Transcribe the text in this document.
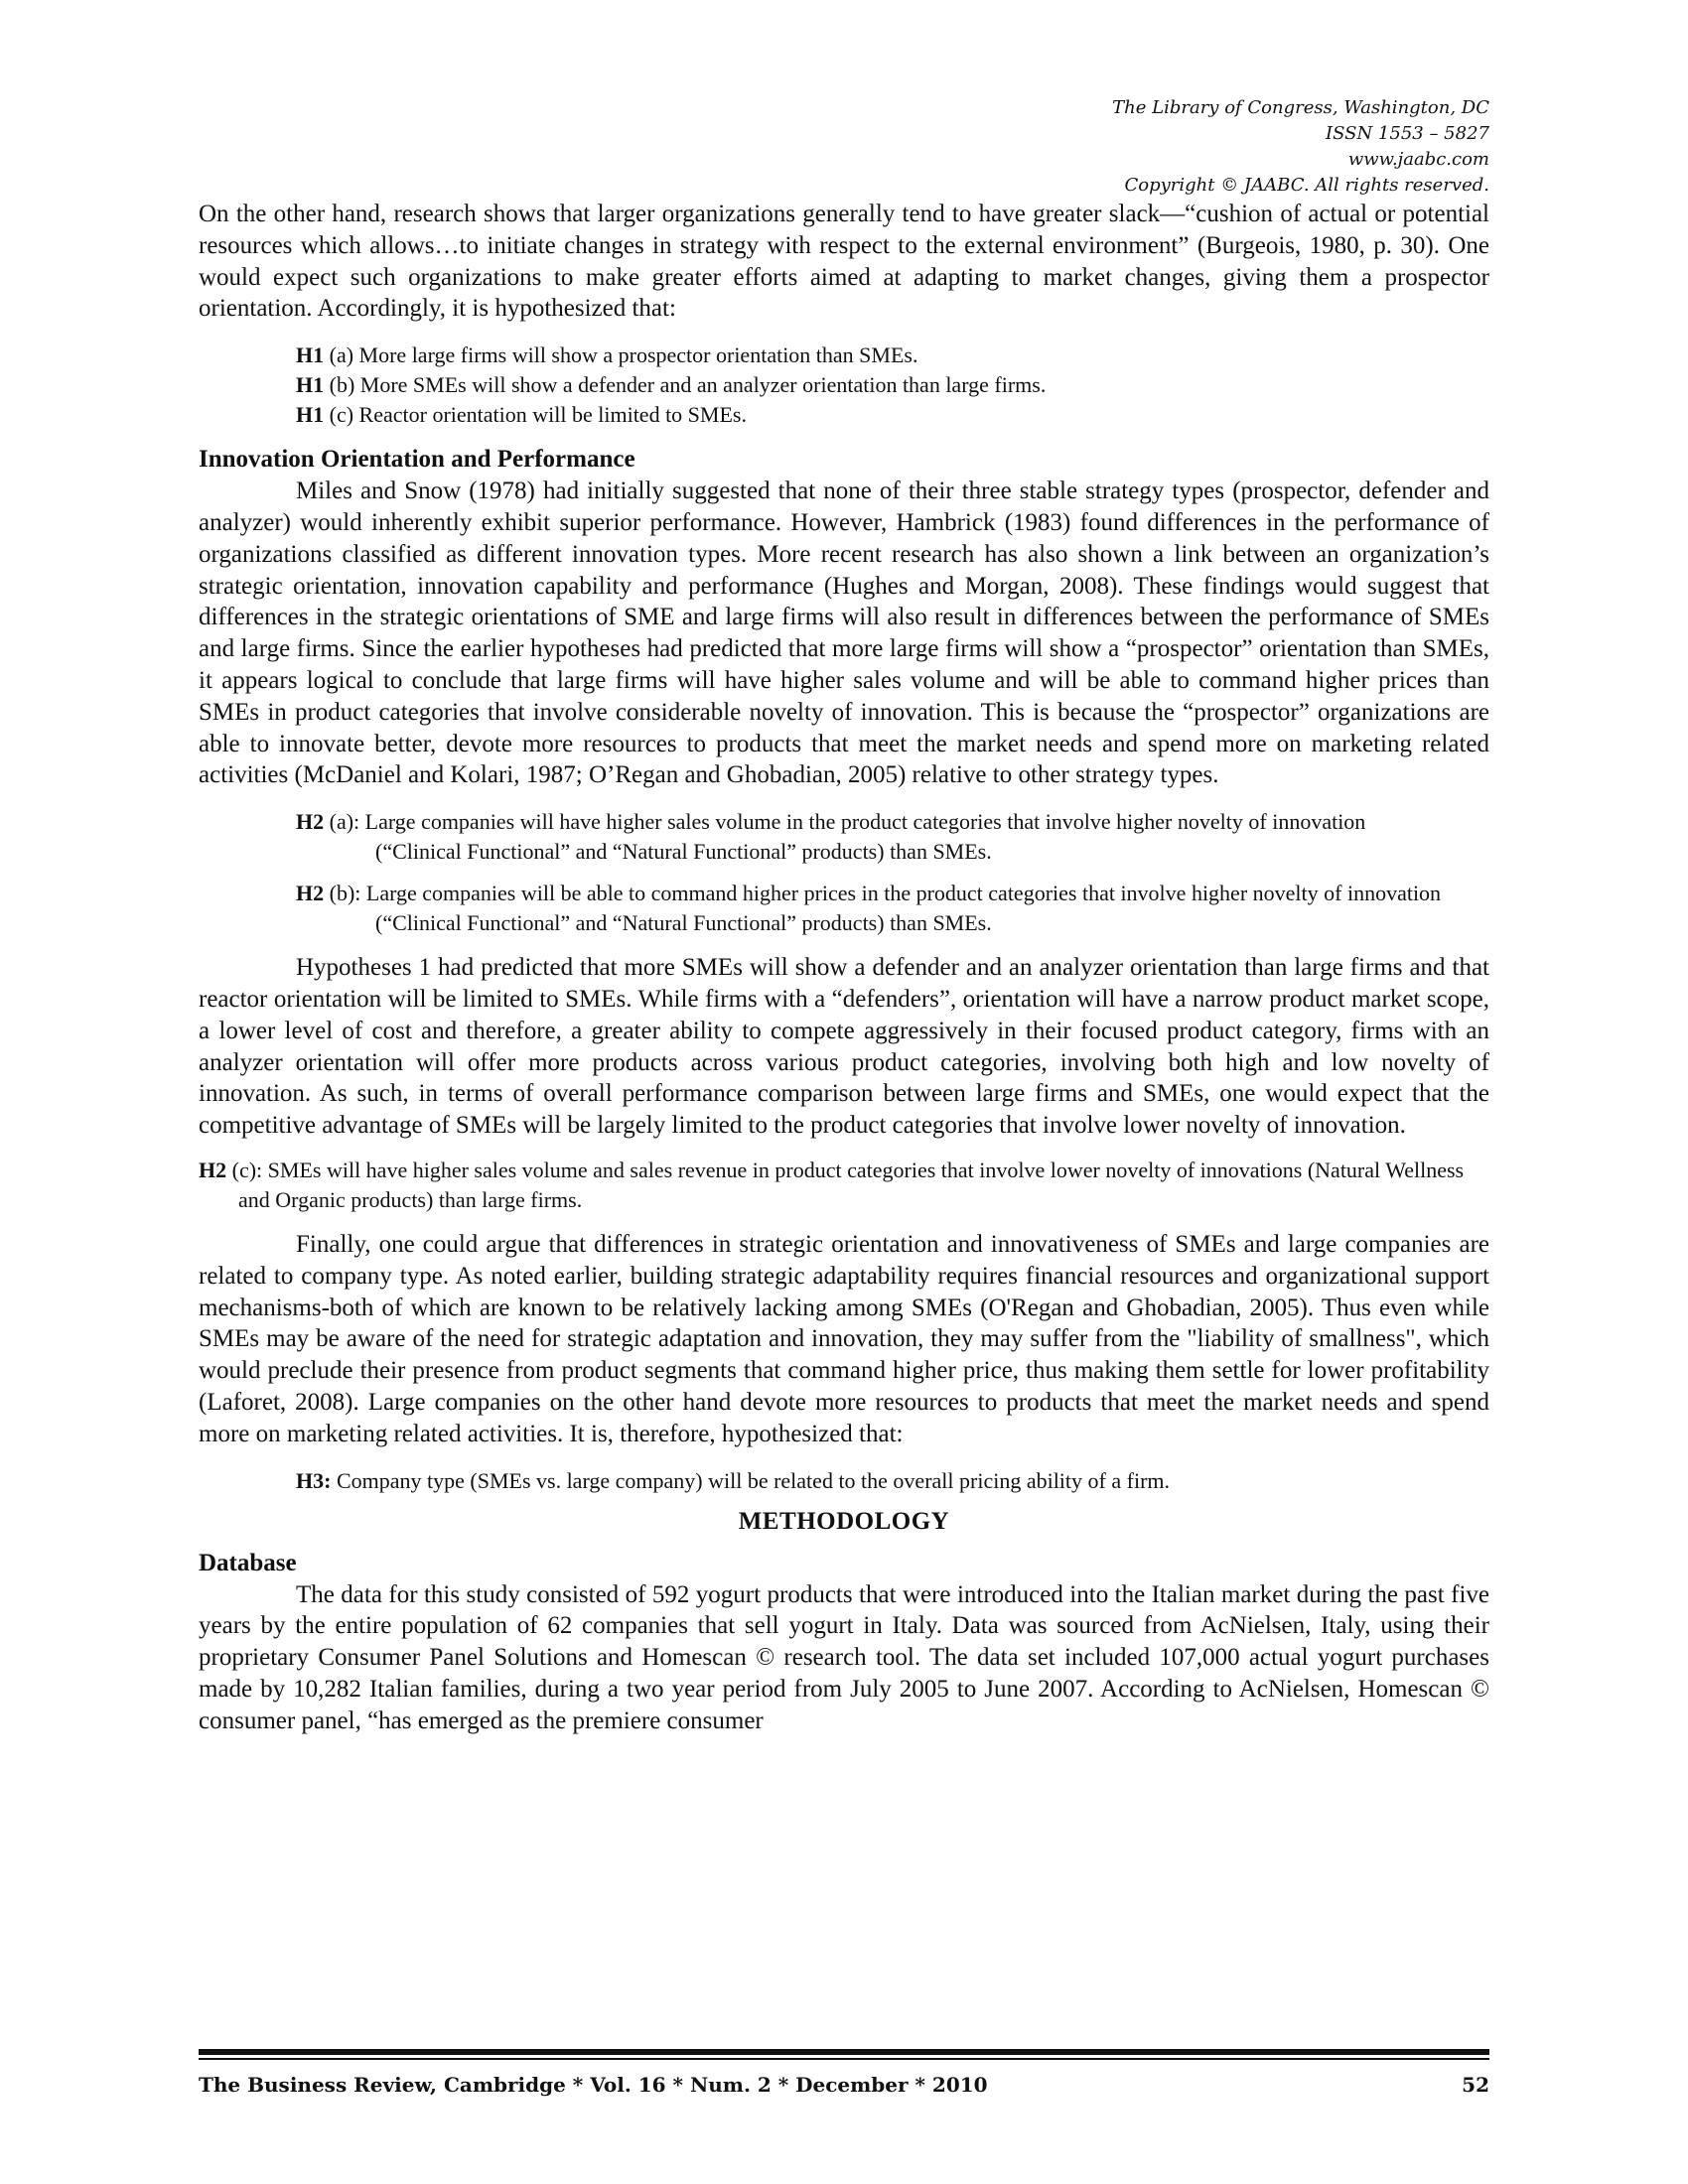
The Library of Congress, Washington, DC
ISSN 1553 – 5827
www.jaabc.com
Copyright © JAABC. All rights reserved.

On the other hand, research shows that larger organizations generally tend to have greater slack—“cushion of actual or potential resources which allows…to initiate changes in strategy with respect to the external environment” (Burgeois, 1980, p. 30). One would expect such organizations to make greater efforts aimed at adapting to market changes, giving them a prospector orientation. Accordingly, it is hypothesized that:

H1 (a) More large firms will show a prospector orientation than SMEs.
H1 (b) More SMEs will show a defender and an analyzer orientation than large firms.
H1 (c) Reactor orientation will be limited to SMEs.
Innovation Orientation and Performance

Miles and Snow (1978) had initially suggested that none of their three stable strategy types (prospector, defender and analyzer) would inherently exhibit superior performance. However, Hambrick (1983) found differences in the performance of organizations classified as different innovation types. More recent research has also shown a link between an organization’s strategic orientation, innovation capability and performance (Hughes and Morgan, 2008). These findings would suggest that differences in the strategic orientations of SME and large firms will also result in differences between the performance of SMEs and large firms. Since the earlier hypotheses had predicted that more large firms will show a “prospector” orientation than SMEs, it appears logical to conclude that large firms will have higher sales volume and will be able to command higher prices than SMEs in product categories that involve considerable novelty of innovation. This is because the “prospector” organizations are able to innovate better, devote more resources to products that meet the market needs and spend more on marketing related activities (McDaniel and Kolari, 1987; O’Regan and Ghobadian, 2005) relative to other strategy types.

H2 (a): Large companies will have higher sales volume in the product categories that involve higher novelty of innovation (“Clinical Functional” and “Natural Functional” products) than SMEs.
H2 (b): Large companies will be able to command higher prices in the product categories that involve higher novelty of innovation (“Clinical Functional” and “Natural Functional” products) than SMEs.

Hypotheses 1 had predicted that more SMEs will show a defender and an analyzer orientation than large firms and that reactor orientation will be limited to SMEs. While firms with a “defenders”, orientation will have a narrow product market scope, a lower level of cost and therefore, a greater ability to compete aggressively in their focused product category, firms with an analyzer orientation will offer more products across various product categories, involving both high and low novelty of innovation. As such, in terms of overall performance comparison between large firms and SMEs, one would expect that the competitive advantage of SMEs will be largely limited to the product categories that involve lower novelty of innovation.

H2 (c): SMEs will have higher sales volume and sales revenue in product categories that involve lower novelty of innovations (Natural Wellness and Organic products) than large firms.

Finally, one could argue that differences in strategic orientation and innovativeness of SMEs and large companies are related to company type. As noted earlier, building strategic adaptability requires financial resources and organizational support mechanisms-both of which are known to be relatively lacking among SMEs (O'Regan and Ghobadian, 2005). Thus even while SMEs may be aware of the need for strategic adaptation and innovation, they may suffer from the "liability of smallness", which would preclude their presence from product segments that command higher price, thus making them settle for lower profitability (Laforet, 2008). Large companies on the other hand devote more resources to products that meet the market needs and spend more on marketing related activities. It is, therefore, hypothesized that:

H3: Company type (SMEs vs. large company) will be related to the overall pricing ability of a firm.
METHODOLOGY
Database

The data for this study consisted of 592 yogurt products that were introduced into the Italian market during the past five years by the entire population of 62 companies that sell yogurt in Italy. Data was sourced from AcNielsen, Italy, using their proprietary Consumer Panel Solutions and Homescan © research tool. The data set included 107,000 actual yogurt purchases made by 10,282 Italian families, during a two year period from July 2005 to June 2007. According to AcNielsen, Homescan © consumer panel, “has emerged as the premiere consumer

The Business Review, Cambridge * Vol. 16 * Num. 2 * December * 2010	52
